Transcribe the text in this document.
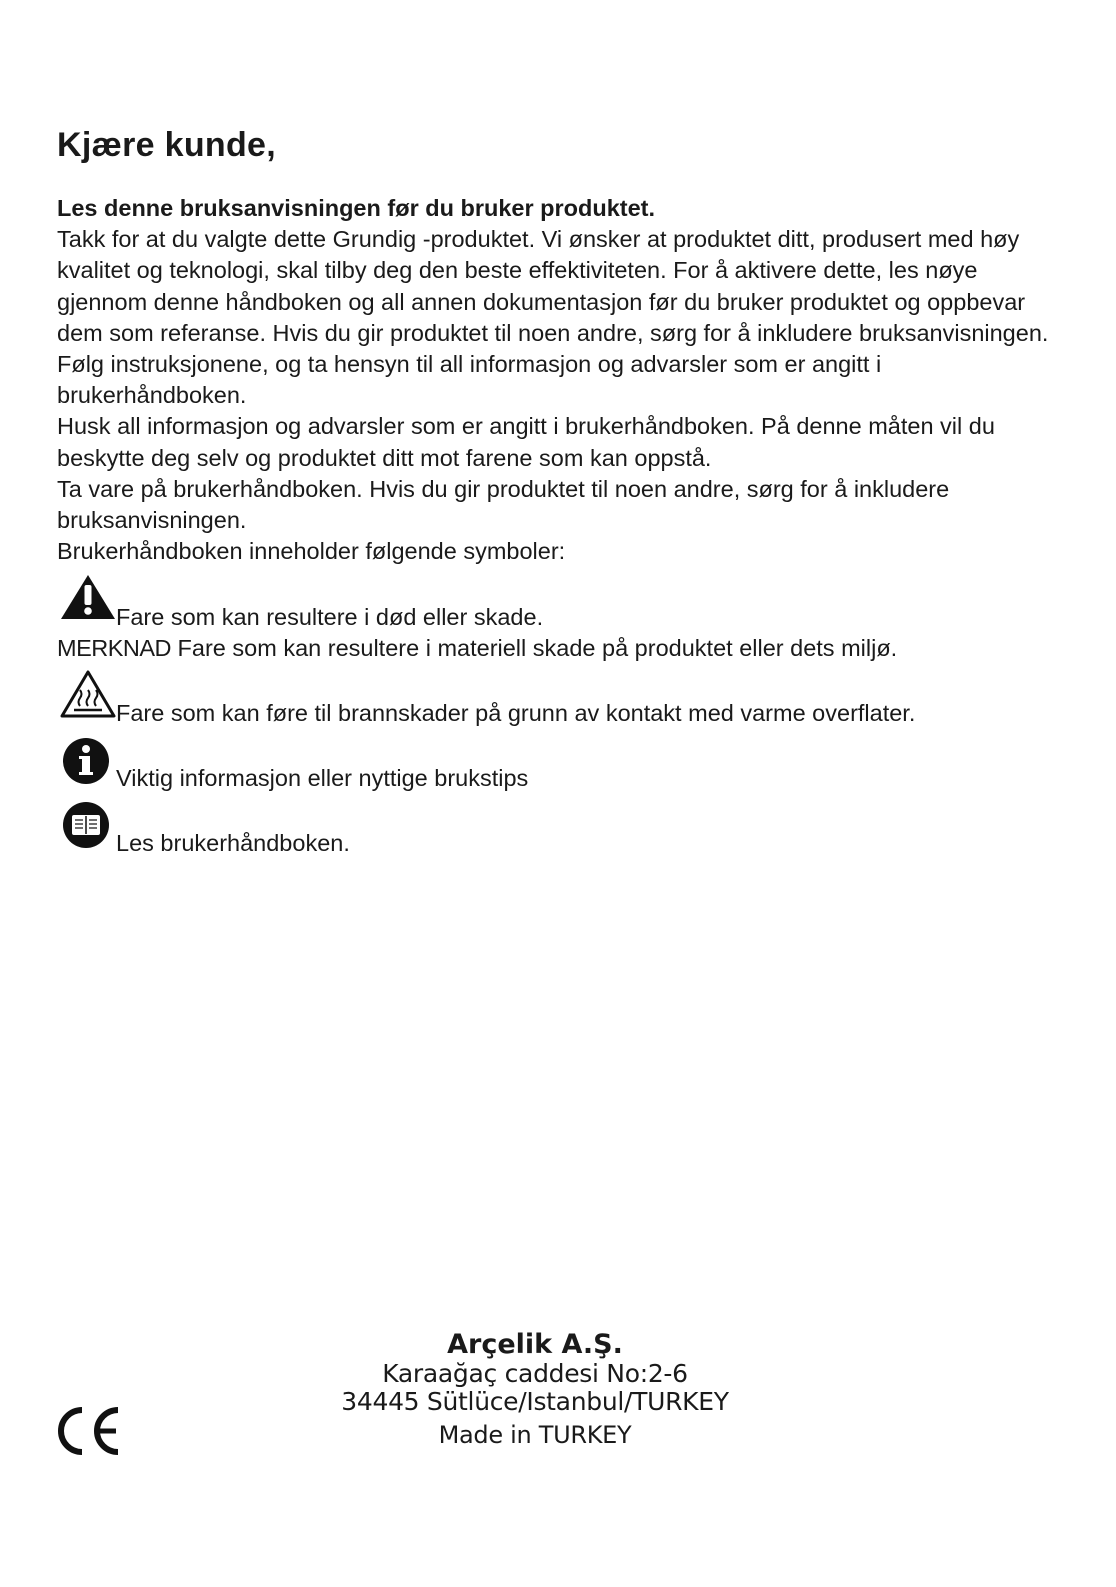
Kjære kunde,

Les denne bruksanvisningen før du bruker produktet.

Takk for at du valgte dette Grundig -produktet. Vi ønsker at produktet ditt, produsert med høy kvalitet og teknologi, skal tilby deg den beste effektiviteten. For å aktivere dette, les nøye gjennom denne håndboken og all annen dokumentasjon før du bruker produktet og oppbevar dem som referanse. Hvis du gir produktet til noen andre, sørg for å inkludere bruksanvisningen. Følg instruksjonene, og ta hensyn til all informasjon og advarsler som er angitt i brukerhåndboken.

Husk all informasjon og advarsler som er angitt i brukerhåndboken. På denne måten vil du beskytte deg selv og produktet ditt mot farene som kan oppstå.

Ta vare på brukerhåndboken. Hvis du gir produktet til noen andre, sørg for å inkludere bruksanvisningen.

Brukerhåndboken inneholder følgende symboler:

Fare som kan resultere i død eller skade.
MERKNAD Fare som kan resultere i materiell skade på produktet eller dets miljø.
Fare som kan føre til brannskader på grunn av kontakt med varme overflater.
Viktig informasjon eller nyttige brukstips
Les brukerhåndboken.
Arçelik A.Ş.
Karaağaç caddesi No:2-6
34445 Sütlüce/Istanbul/TURKEY
Made in TURKEY
